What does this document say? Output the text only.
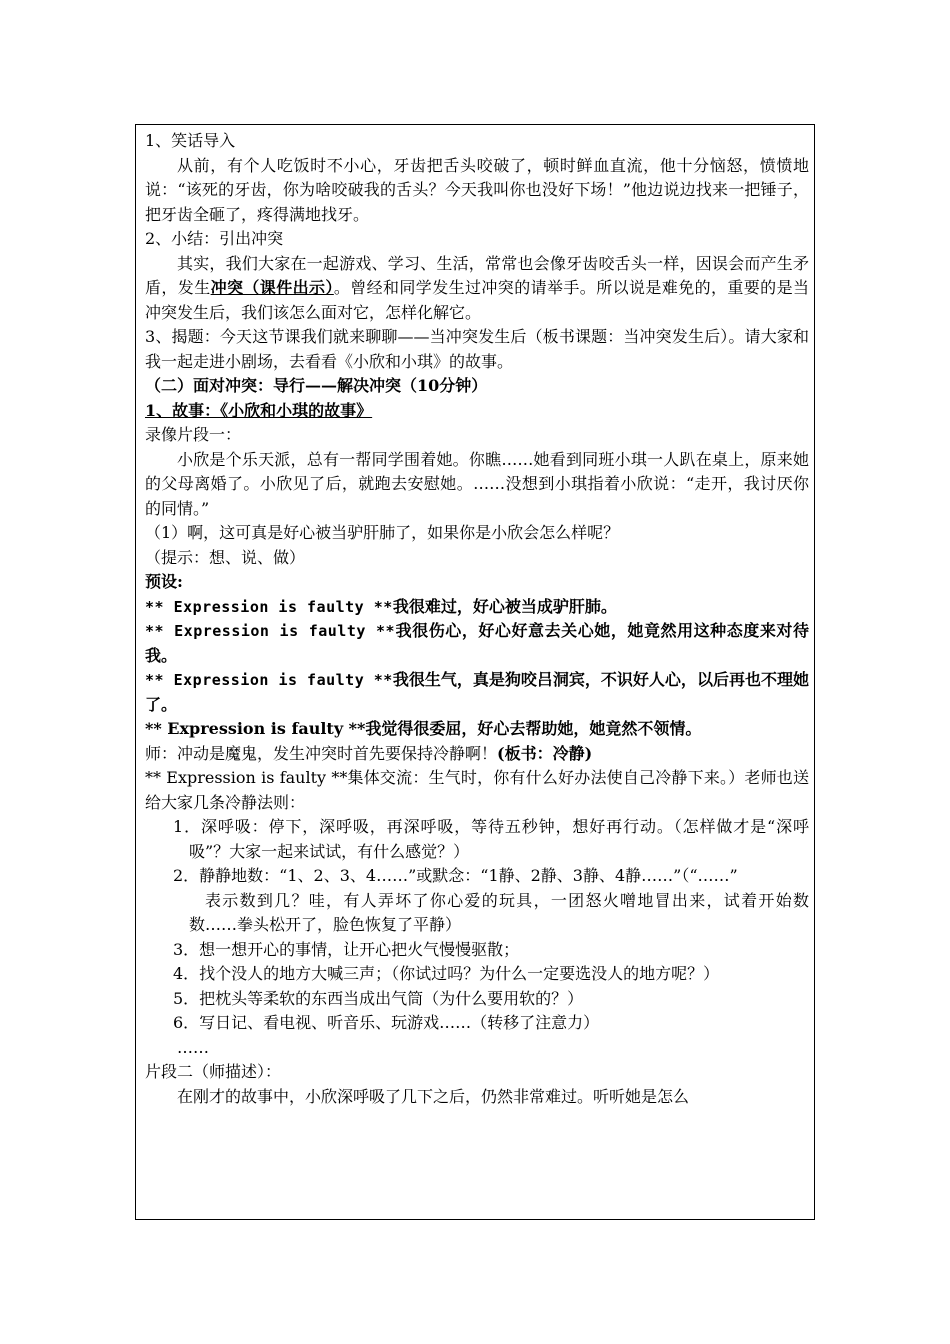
1、笑话导入

从前，有个人吃饭时不小心，牙齿把舌头咬破了，顿时鲜血直流，他十分恼怒，愤愤地说：“该死的牙齿，你为啥咬破我的舌头？今天我叫你也没好下场！”他边说边找来一把锤子，把牙齿全砸了，疼得满地找牙。

2、小结：引出冲突

其实，我们大家在一起游戏、学习、生活，常常也会像牙齿咬舌头一样，因误会而产生矛盾，发生冲突（课件出示）。曾经和同学发生过冲突的请举手。所以说是难免的，重要的是当冲突发生后，我们该怎么面对它，怎样化解它。

3、揭题：今天这节课我们就来聊聊——当冲突发生后（板书课题：当冲突发生后）。请大家和我一起走进小剧场，去看看《小欣和小琪》的故事。

（二）面对冲突：导行——解决冲突（10分钟）

1、故事：《小欣和小琪的故事》

录像片段一：

小欣是个乐天派，总有一帮同学围着她。你瞧……她看到同班小琪一人趴在桌上，原来她的父母离婚了。小欣见了后，就跑去安慰她。……没想到小琪指着小欣说：“走开，我讨厌你的同情。”

（1）啊，这可真是好心被当驴肝肺了，如果你是小欣会怎么样呢？

（提示：想、说、做）

预设:

** Expression is faulty **我很难过，好心被当成驴肝肺。

** Expression is faulty **我很伤心，好心好意去关心她，她竟然用这种态度来对待我。

** Expression is faulty **我很生气，真是狗咬吕洞宾，不识好人心，以后再也不理她了。

** Expression is faulty **我觉得很委屈，好心去帮助她，她竟然不领情。

师：冲动是魔鬼，发生冲突时首先要保持冷静啊！(板书：冷静)

** Expression is faulty **集体交流：生气时，你有什么好办法使自己冷静下来。）老师也送给大家几条冷静法则：

1．深呼吸：停下，深呼吸，再深呼吸，等待五秒钟，想好再行动。（怎样做才是“深呼吸”？大家一起来试试，有什么感觉？）

2．静静地数：“1、2、3、4……”或默念：“1静、2静、3静、4静……”（“……”

表示数到几？哇，有人弄坏了你心爱的玩具，一团怒火噌地冒出来，试着开始数数……拳头松开了，脸色恢复了平静）

3．想一想开心的事情，让开心把火气慢慢驱散；

4．找个没人的地方大喊三声；（你试过吗？为什么一定要选没人的地方呢？）

5．把枕头等柔软的东西当成出气筒（为什么要用软的？）

6．写日记、看电视、听音乐、玩游戏……（转移了注意力）

……

片段二（师描述）：

在刚才的故事中，小欣深呼吸了几下之后，仍然非常难过。听听她是怎么
